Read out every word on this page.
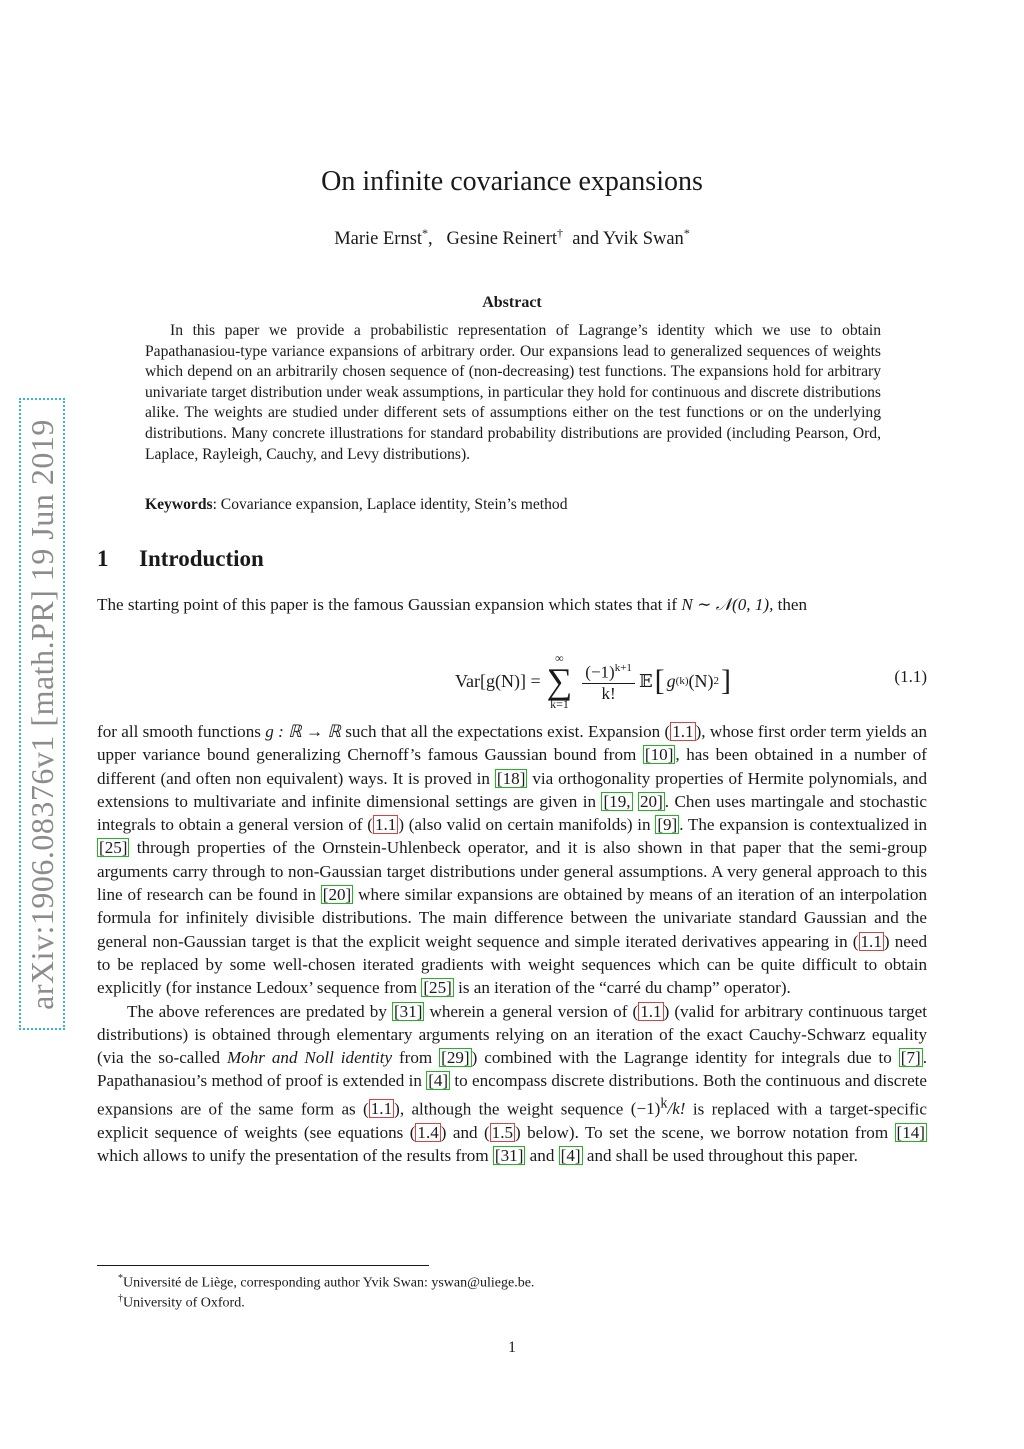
arXiv:1906.08376v1 [math.PR] 19 Jun 2019
On infinite covariance expansions
Marie Ernst*, Gesine Reinert† and Yvik Swan*
Abstract
In this paper we provide a probabilistic representation of Lagrange’s identity which we use to obtain Papathanasiou-type variance expansions of arbitrary order. Our expansions lead to generalized sequences of weights which depend on an arbitrarily chosen sequence of (non-decreasing) test functions. The expansions hold for arbitrary univariate target distribution under weak assumptions, in particular they hold for continuous and discrete distributions alike. The weights are studied under different sets of assumptions either on the test functions or on the underlying distributions. Many concrete illustrations for standard probability distributions are provided (including Pearson, Ord, Laplace, Rayleigh, Cauchy, and Levy distributions).
Keywords: Covariance expansion, Laplace identity, Stein’s method
1 Introduction
The starting point of this paper is the famous Gaussian expansion which states that if N ∼ 𝒩(0, 1), then
Var[g(N)] =
∞
∑
k=1
$\frac{(-1)^{k+1}}{k!}$ 𝔼 [ g (k) (N) 2 ]	(1.1)
for all smooth functions g : ℝ → ℝ such that all the expectations exist. Expansion ( 1.1 ), whose first order term yields an upper variance bound generalizing Chernoff’s famous Gaussian bound from [10] , has been obtained in a number of different (and often non equivalent) ways. It is proved in [18] via orthogonality properties of Hermite polynomials, and extensions to multivariate and infinite dimensional settings are given in [19, 20] . Chen uses martingale and stochastic integrals to obtain a general version of ( 1.1 ) (also valid on certain manifolds) in [9] . The expansion is contextualized in [25] through properties of the Ornstein-Uhlenbeck operator, and it is also shown in that paper that the semi-group arguments carry through to non-Gaussian target distributions under general assumptions. A very general approach to this line of research can be found in [20] where similar expansions are obtained by means of an iteration of an interpolation formula for infinitely divisible distributions. The main difference between the univariate standard Gaussian and the general non-Gaussian target is that the explicit weight sequence and simple iterated derivatives appearing in ( 1.1 ) need to be replaced by some well-chosen iterated gradients with weight sequences which can be quite difficult to obtain explicitly (for instance Ledoux’ sequence from [25] is an iteration of the “carré du champ” operator).
The above references are predated by [31] wherein a general version of ( 1.1 ) (valid for arbitrary continuous target distributions) is obtained through elementary arguments relying on an iteration of the exact Cauchy-Schwarz equality (via the so-called Mohr and Noll identity from [29] ) combined with the Lagrange identity for integrals due to [7] . Papathanasiou’s method of proof is extended in [4] to encompass discrete distributions. Both the continuous and discrete expansions are of the same form as ( 1.1 ), although the weight sequence $(-1)^k/k$! is replaced with a target-specific explicit sequence of weights (see equations ( 1.4 ) and ( 1.5 ) below). To set the scene, we borrow notation from [14] which allows to unify the presentation of the results from [31] and [4] and shall be used throughout this paper.
*Université de Liège, corresponding author Yvik Swan: yswan@uliege.be.
†University of Oxford.
1
